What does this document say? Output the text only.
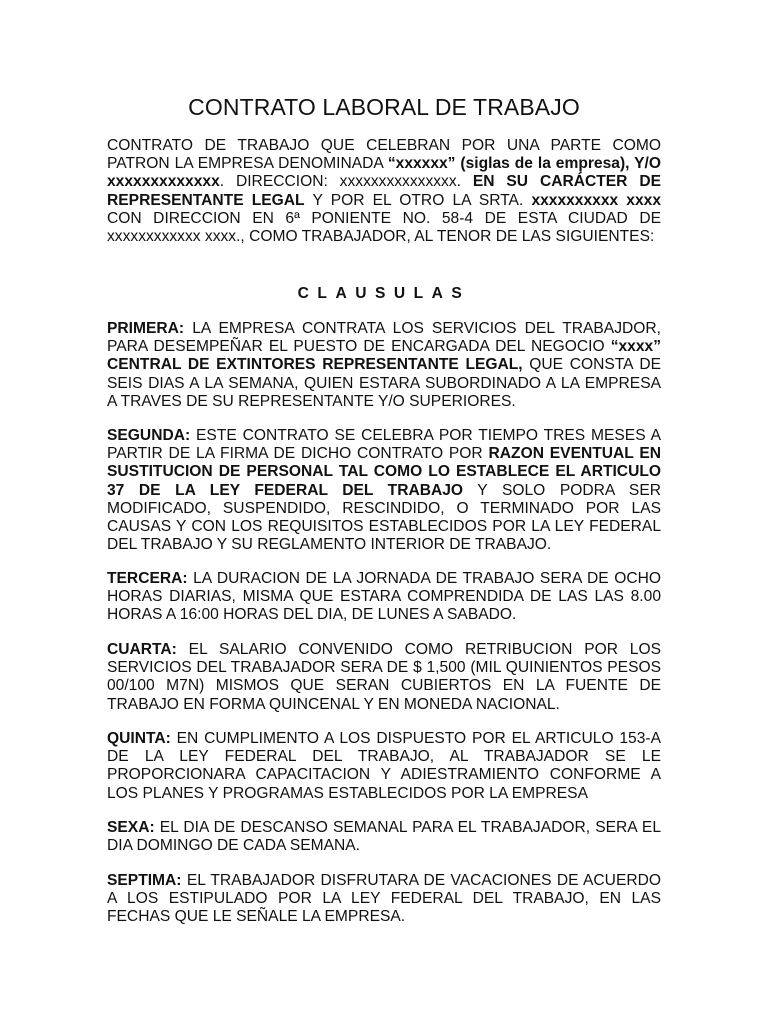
CONTRATO LABORAL DE TRABAJO

CONTRATO DE TRABAJO QUE CELEBRAN POR UNA PARTE COMO PATRON LA EMPRESA DENOMINADA “xxxxxx” (siglas de la empresa), Y/O xxxxxxxxxxxxx. DIRECCION: xxxxxxxxxxxxxxx. EN SU CARÁCTER DE REPRESENTANTE LEGAL Y POR EL OTRO LA SRTA. xxxxxxxxxx xxxx CON DIRECCION EN 6ª PONIENTE NO. 58-4 DE ESTA CIUDAD DE xxxxxxxxxxxx xxxx., COMO TRABAJADOR, AL TENOR DE LAS SIGUIENTES:

CLAUSULAS

PRIMERA: LA EMPRESA CONTRATA LOS SERVICIOS DEL TRABAJDOR, PARA DESEMPEÑAR EL PUESTO DE ENCARGADA DEL NEGOCIO “xxxx” CENTRAL DE EXTINTORES REPRESENTANTE LEGAL, QUE CONSTA DE SEIS DIAS A LA SEMANA, QUIEN ESTARA SUBORDINADO A LA EMPRESA A TRAVES DE SU REPRESENTANTE Y/O SUPERIORES.

SEGUNDA: ESTE CONTRATO SE CELEBRA POR TIEMPO TRES MESES A PARTIR DE LA FIRMA DE DICHO CONTRATO POR RAZON EVENTUAL EN SUSTITUCION DE PERSONAL TAL COMO LO ESTABLECE EL ARTICULO 37 DE LA LEY FEDERAL DEL TRABAJO Y SOLO PODRA SER MODIFICADO, SUSPENDIDO, RESCINDIDO, O TERMINADO POR LAS CAUSAS Y CON LOS REQUISITOS ESTABLECIDOS POR LA LEY FEDERAL DEL TRABAJO Y SU REGLAMENTO INTERIOR DE TRABAJO.

TERCERA: LA DURACION DE LA JORNADA DE TRABAJO SERA DE OCHO HORAS DIARIAS, MISMA QUE ESTARA COMPRENDIDA DE LAS LAS 8.00 HORAS A 16:00 HORAS DEL DIA, DE LUNES A SABADO.

CUARTA: EL SALARIO CONVENIDO COMO RETRIBUCION POR LOS SERVICIOS DEL TRABAJADOR SERA DE $ 1,500 (MIL QUINIENTOS PESOS 00/100 M7N) MISMOS QUE SERAN CUBIERTOS EN LA FUENTE DE TRABAJO EN FORMA QUINCENAL Y EN MONEDA NACIONAL.

QUINTA: EN CUMPLIMENTO A LOS DISPUESTO POR EL ARTICULO 153-A DE LA LEY FEDERAL DEL TRABAJO, AL TRABAJADOR SE LE PROPORCIONARA CAPACITACION Y ADIESTRAMIENTO CONFORME A LOS PLANES Y PROGRAMAS ESTABLECIDOS POR LA EMPRESA

SEXA: EL DIA DE DESCANSO SEMANAL PARA EL TRABAJADOR, SERA EL DIA DOMINGO DE CADA SEMANA.

SEPTIMA: EL TRABAJADOR DISFRUTARA DE VACACIONES DE ACUERDO A LOS ESTIPULADO POR LA LEY FEDERAL DEL TRABAJO, EN LAS FECHAS QUE LE SEÑALE LA EMPRESA.
